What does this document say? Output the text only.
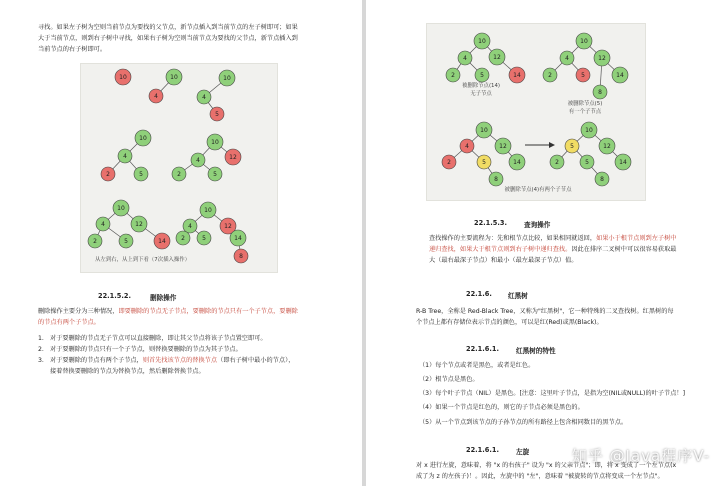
寻找。如果左子树为空则当前节点为要找的父节点，新节点插入到当前节点的左子树即可；如果
大于当前节点，则到右子树中寻找，如果右子树为空则当前节点为要找的父节点，新节点插入到
当前节点的右子树即可。
10	10
4
10
4
5
10
4
2	5
10
4	12
2	5
10
4	12
2	5	14
10
4	12
2	5	14
8
从左到右，从上到下看（7次插入操作）
22.1.5.2.	删除操作
删除操作主要分为三种情况，即要删除的节点无子节点，要删除的节点只有一个子节点，要删除
的节点有两个子节点。
1. 对于要删除的节点无子节点可以直接删除，即让其父节点将该子节点置空即可。
2. 对于要删除的节点只有一个子节点，则替换要删除的节点为其子节点。
3. 对于要删除的节点有两个子节点，则首先找该节点的替换节点（即右子树中最小的节点），
接着替换要删除的节点为替换节点，然后删除替换节点。
10
4	12
2	5	14
10
4	12
2	5	14
8
10
4	12
2	5	14
8
10
5	12
2	5	14
8
被删除节点(14)
无子节点
被删除节点(5)
有一个子节点
被删除节点(4)有两个子节点
22.1.5.3.	查询操作
查找操作的主要流程为：先和根节点比较，如果相同就返回，如果小于根节点则到左子树中
递归查找，如果大于根节点则到右子树中递归查找。因此在排序二叉树中可以很容易获取最
大（最右最深子节点）和最小（最左最深子节点）值。
22.1.6. 红黑树
R-B Tree，全称是 Red-Black Tree，又称为"红黑树"，它一种特殊的二叉查找树。红黑树的每
个节点上都有存储位表示节点的颜色，可以是红(Red)或黑(Black)。
22.1.6.1.	红黑树的特性
（1）每个节点或者是黑色，或者是红色。
（2）根节点是黑色。
（3）每个叶子节点（NIL）是黑色。[注意：这里叶子节点，是指为空(NIL或NULL)的叶子节点！]
（4）如果一个节点是红色的，则它的子节点必须是黑色的。
（5）从一个节点到该节点的子孙节点的所有路径上包含相同数目的黑节点。
22.1.6.1.	左旋
对 x 进行左旋，意味着，将 "x 的右孩子" 设为 "x 的父亲节点"；即，将 x 变成了一个左节点(x
成了为 z 的左孩子)！。因此，左旋中的 "左"，意味着 "被旋转的节点将变成一个左节点"。
知乎 @Java程序V-
